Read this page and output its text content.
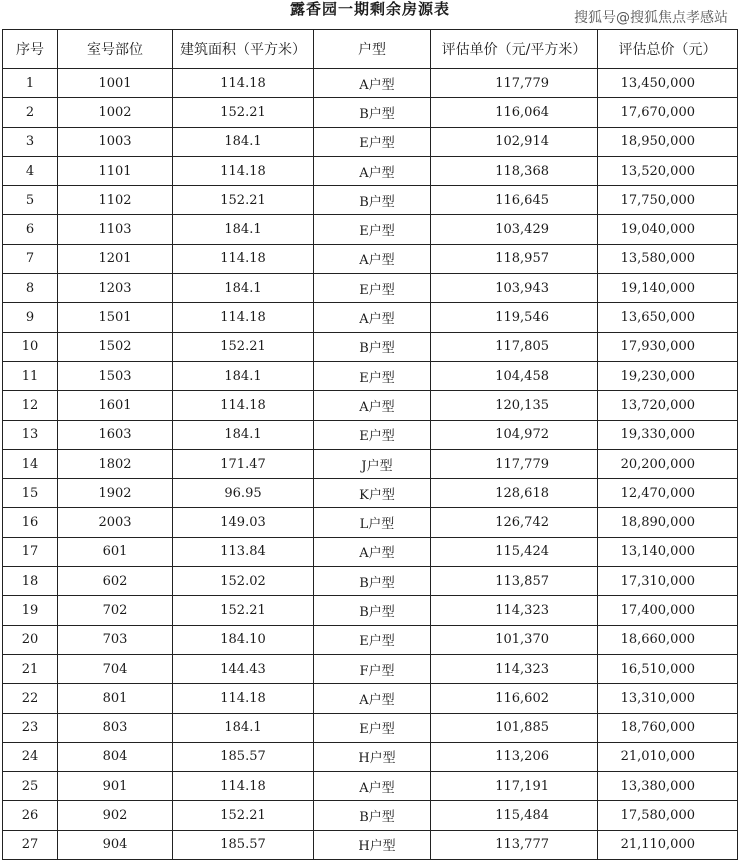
露香园一期剩余房源表	搜狐号@搜狐焦点孝感站
序号	室号部位	建筑面积（平方米）	户型	评估单价（元/平方米）	评估总价（元）
1	1001	114.18	A户型	117,779	13,450,000
2	1002	152.21	B户型	116,064	17,670,000
3	1003	184.1	E户型	102,914	18,950,000
4	1101	114.18	A户型	118,368	13,520,000
5	1102	152.21	B户型	116,645	17,750,000
6	1103	184.1	E户型	103,429	19,040,000
7	1201	114.18	A户型	118,957	13,580,000
8	1203	184.1	E户型	103,943	19,140,000
9	1501	114.18	A户型	119,546	13,650,000
10	1502	152.21	B户型	117,805	17,930,000
11	1503	184.1	E户型	104,458	19,230,000
12	1601	114.18	A户型	120,135	13,720,000
13	1603	184.1	E户型	104,972	19,330,000
14	1802	171.47	J户型	117,779	20,200,000
15	1902	96.95	K户型	128,618	12,470,000
16	2003	149.03	L户型	126,742	18,890,000
17	601	113.84	A户型	115,424	13,140,000
18	602	152.02	B户型	113,857	17,310,000
19	702	152.21	B户型	114,323	17,400,000
20	703	184.10	E户型	101,370	18,660,000
21	704	144.43	F户型	114,323	16,510,000
22	801	114.18	A户型	116,602	13,310,000
23	803	184.1	E户型	101,885	18,760,000
24	804	185.57	H户型	113,206	21,010,000
25	901	114.18	A户型	117,191	13,380,000
26	902	152.21	B户型	115,484	17,580,000
27	904	185.57	H户型	113,777	21,110,000
